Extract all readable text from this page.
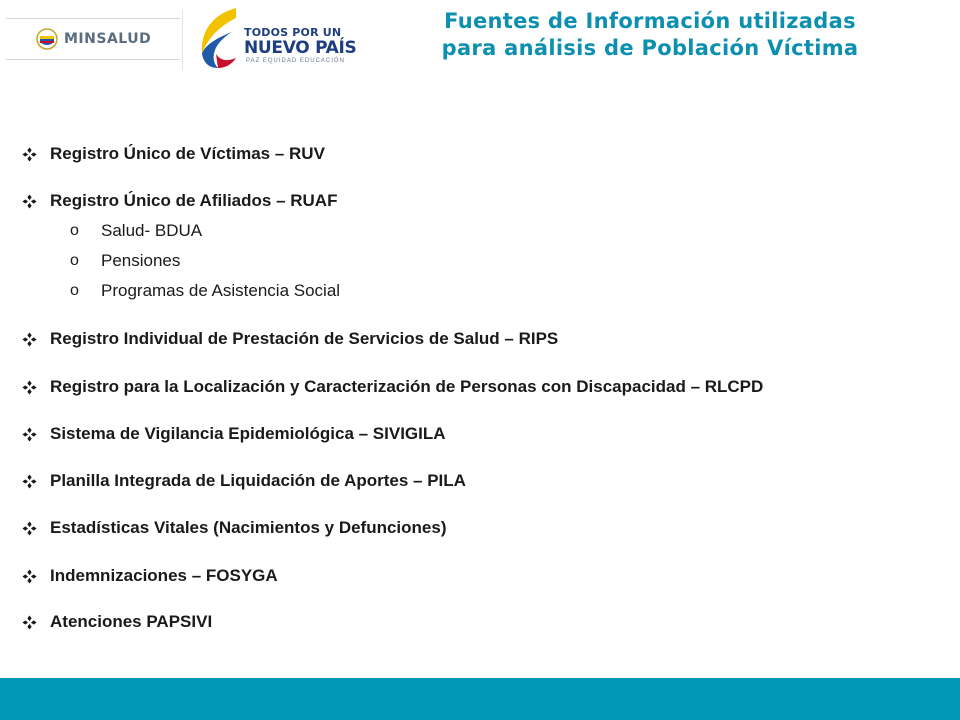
MINSALUD	TODOS POR UN
NUEVO PAÍS
PAZ EQUIDAD EDUCACIÓN
Fuentes de Información utilizadas
para análisis de Población Víctima
Registro Único de Víctimas – RUV
Registro Único de Afiliados – RUAF
o Salud- BDUA
o Pensiones
o Programas de Asistencia Social
Registro Individual de Prestación de Servicios de Salud – RIPS
Registro para la Localización y Caracterización de Personas con Discapacidad – RLCPD
Sistema de Vigilancia Epidemiológica – SIVIGILA
Planilla Integrada de Liquidación de Aportes – PILA
Estadísticas Vitales (Nacimientos y Defunciones)
Indemnizaciones – FOSYGA
Atenciones PAPSIVI
